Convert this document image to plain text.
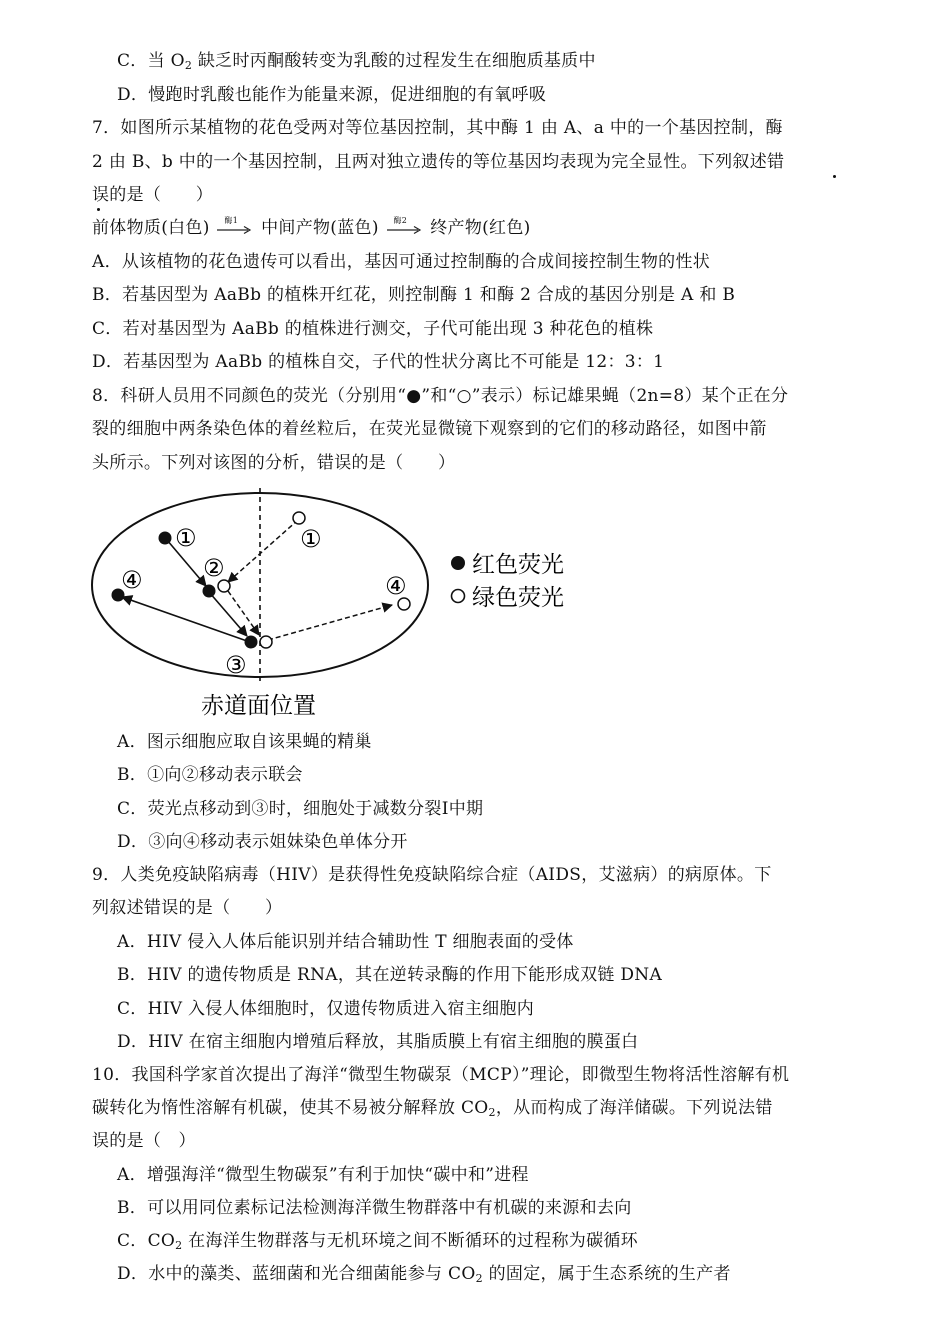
C．当 $O_2$ 缺乏时丙酮酸转变为乳酸的过程发生在细胞质基质中
D．慢跑时乳酸也能作为能量来源，促进细胞的有氧呼吸
7．如图所示某植物的花色受两对等位基因控制，其中酶 1 由 A、a 中的一个基因控制，酶
2 由 B、b 中的一个基因控制，且两对独立遗传的等位基因均表现为完全显性。下列叙述错
误的是（　　）
前体物质(白色) 酶1 中间产物(蓝色) 酶2 终产物(红色)
A．从该植物的花色遗传可以看出，基因可通过控制酶的合成间接控制生物的性状
B．若基因型为 AaBb 的植株开红花，则控制酶 1 和酶 2 合成的基因分别是 A 和 B
C．若对基因型为 AaBb 的植株进行测交，子代可能出现 3 种花色的植株
D．若基因型为 AaBb 的植株自交，子代的性状分离比不可能是 12：3：1
8．科研人员用不同颜色的荧光（分别用“●”和“○”表示）标记雄果蝇（2n=8）某个正在分
裂的细胞中两条染色体的着丝粒后，在荧光显微镜下观察到的它们的移动路径，如图中箭
头所示。下列对该图的分析，错误的是（　　）
①
②
③
④
①
④
红色荧光
绿色荧光
赤道面位置
A．图示细胞应取自该果蝇的精巢
B．①向②移动表示联会
C．荧光点移动到③时，细胞处于减数分裂Ⅰ中期
D．③向④移动表示姐妹染色单体分开
9．人类免疫缺陷病毒（HIV）是获得性免疫缺陷综合症（AIDS，艾滋病）的病原体。下
列叙述错误的是（　　）
A．HIV 侵入人体后能识别并结合辅助性 T 细胞表面的受体
B．HIV 的遗传物质是 RNA，其在逆转录酶的作用下能形成双链 DNA
C．HIV 入侵人体细胞时，仅遗传物质进入宿主细胞内
D．HIV 在宿主细胞内增殖后释放，其脂质膜上有宿主细胞的膜蛋白
10．我国科学家首次提出了海洋“微型生物碳泵（MCP）”理论，即微型生物将活性溶解有机
碳转化为惰性溶解有机碳，使其不易被分解释放 $CO_2$，从而构成了海洋储碳。下列说法错
误的是（　）
A．增强海洋“微型生物碳泵”有利于加快“碳中和”进程
B．可以用同位素标记法检测海洋微生物群落中有机碳的来源和去向
C．$CO_2$ 在海洋生物群落与无机环境之间不断循环的过程称为碳循环
D．水中的藻类、蓝细菌和光合细菌能参与 $CO_2$ 的固定，属于生态系统的生产者
